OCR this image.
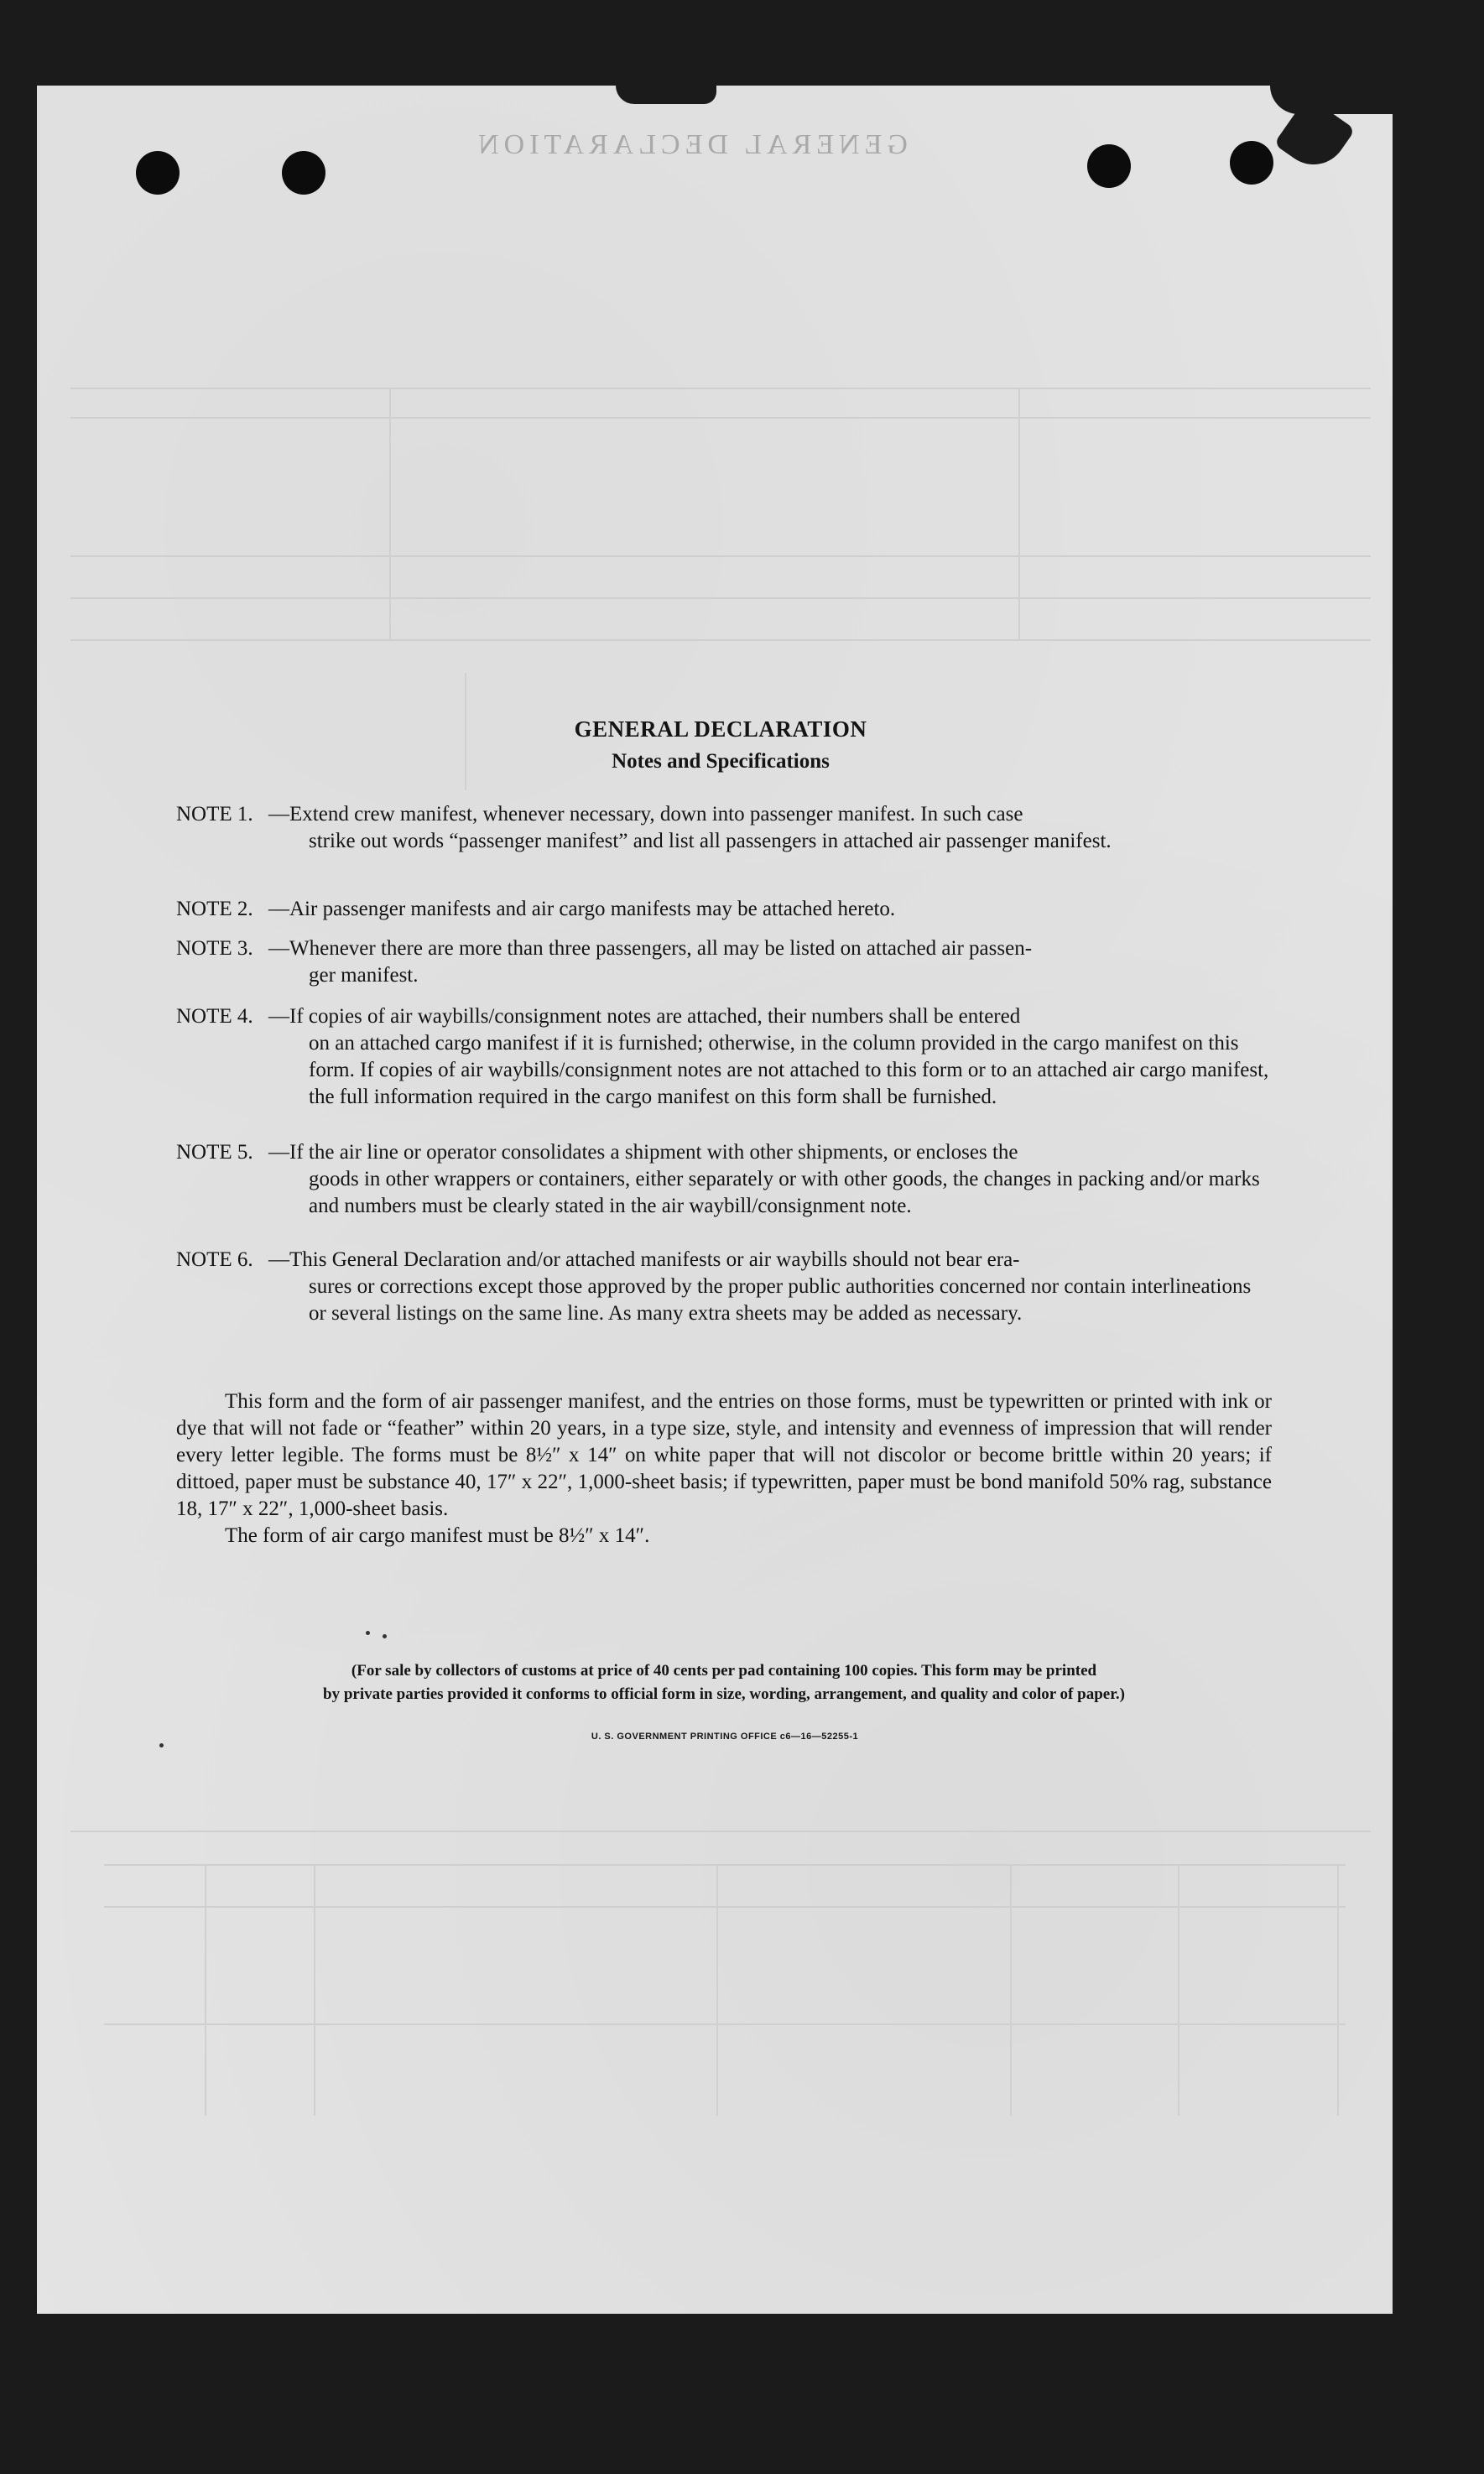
GENERAL DECLARATION
GENERAL DECLARATION
Notes and Specifications
NOTE 1. —Extend crew manifest, whenever necessary, down into passenger manifest. In such case
strike out words “passenger manifest” and list all passengers in attached air passenger manifest.
NOTE 2. —Air passenger manifests and air cargo manifests may be attached hereto.
NOTE 3. —Whenever there are more than three passengers, all may be listed on attached air passen-
ger manifest.
NOTE 4. —If copies of air waybills/consignment notes are attached, their numbers shall be entered
on an attached cargo manifest if it is furnished; otherwise, in the column provided in the cargo manifest on this form. If copies of air waybills/consignment notes are not attached to this form or to an attached air cargo manifest, the full information required in the cargo manifest on this form shall be furnished.
NOTE 5. —If the air line or operator consolidates a shipment with other shipments, or encloses the
goods in other wrappers or containers, either separately or with other goods, the changes in packing and/or marks and numbers must be clearly stated in the air waybill/consignment note.
NOTE 6. —This General Declaration and/or attached manifests or air waybills should not bear era-
sures or corrections except those approved by the proper public authorities concerned nor contain interlineations or several listings on the same line. As many extra sheets may be added as necessary.

This form and the form of air passenger manifest, and the entries on those forms, must be typewritten or printed with ink or dye that will not fade or “feather” within 20 years, in a type size, style, and intensity and evenness of impression that will render every letter legible. The forms must be 8½″ x 14″ on white paper that will not discolor or become brittle within 20 years; if dittoed, paper must be substance 40, 17″ x 22″, 1,000-sheet basis; if typewritten, paper must be bond manifold 50% rag, substance 18, 17″ x 22″, 1,000-sheet basis.

The form of air cargo manifest must be 8½″ x 14″.

(For sale by collectors of customs at price of 40 cents per pad containing 100 copies. This form may be printed
by private parties provided it conforms to official form in size, wording, arrangement, and quality and color of paper.)
U. S. GOVERNMENT PRINTING OFFICE c6—16—52255-1
